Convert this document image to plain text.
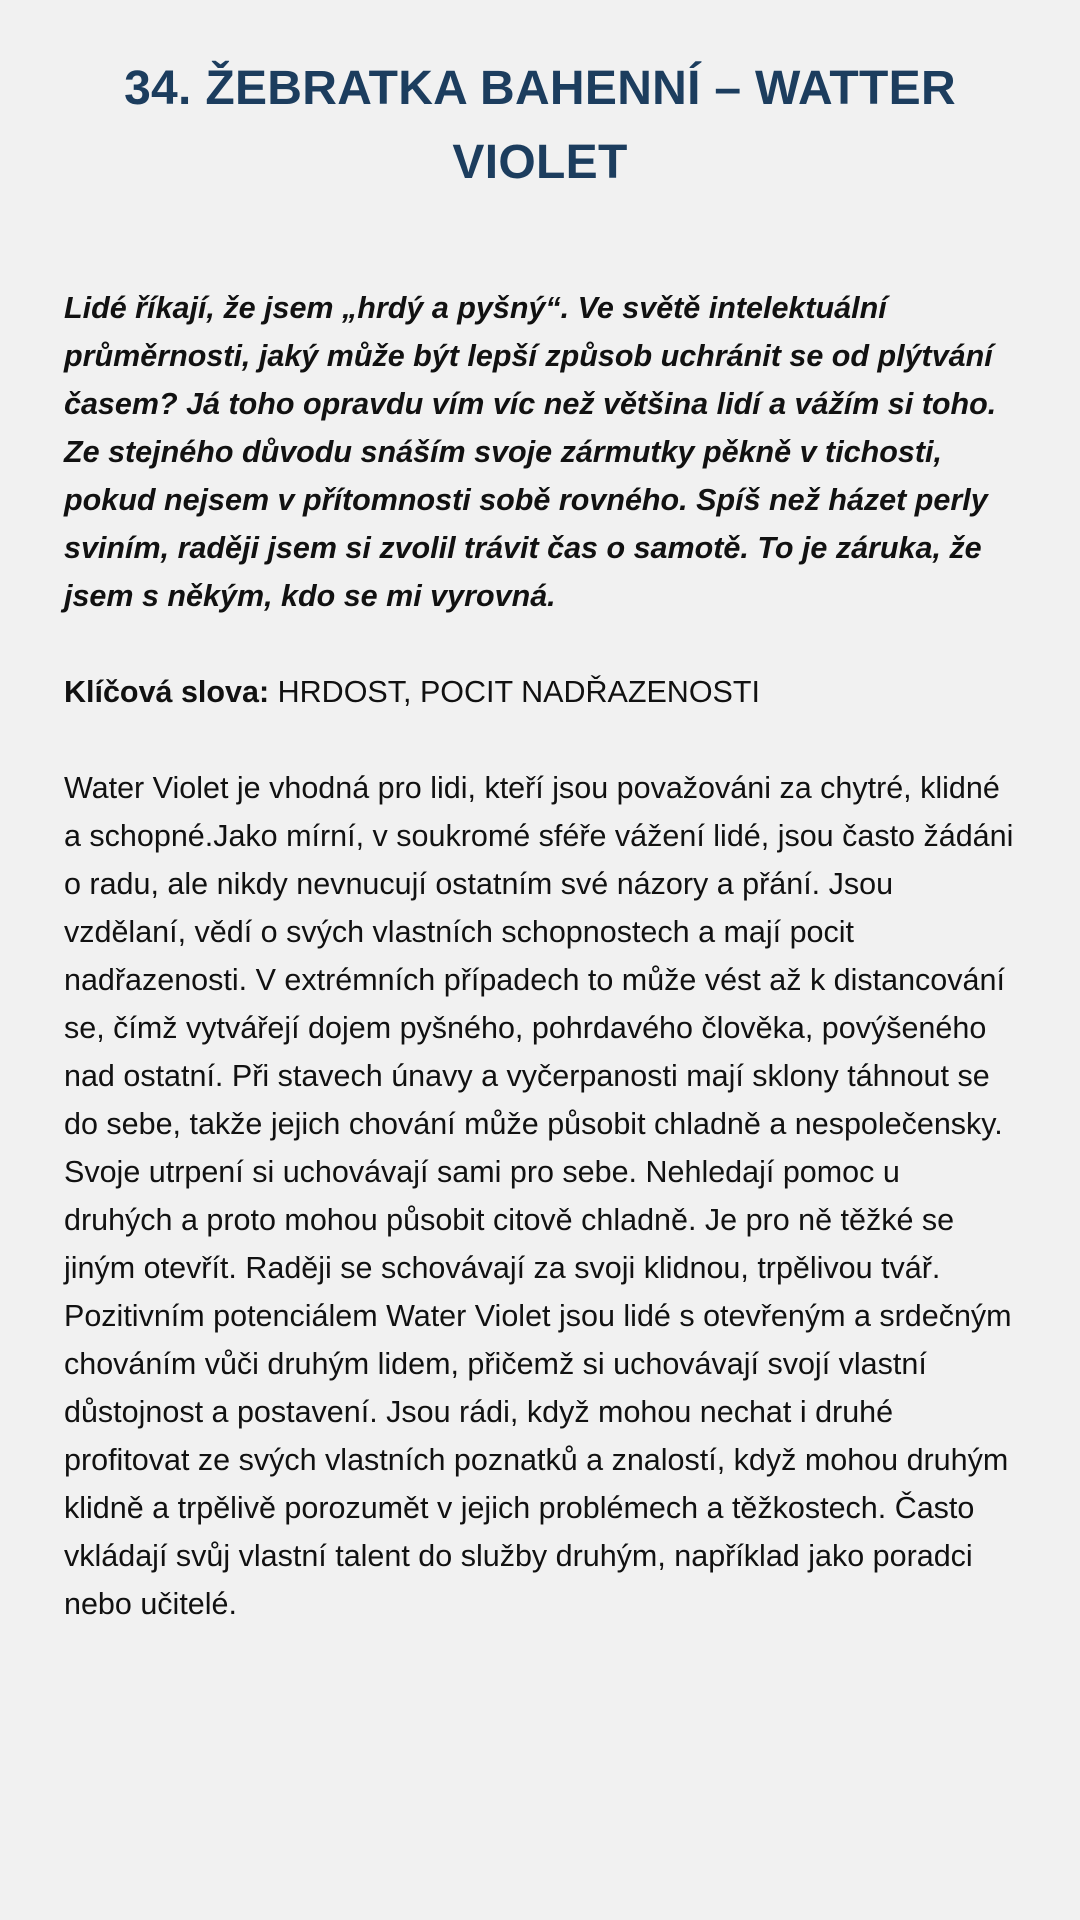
34. ŽEBRATKA BAHENNÍ – WATTER VIOLET

Lidé říkají, že jsem „hrdý a pyšný“. Ve světě intelektuální průměrnosti, jaký může být lepší způsob uchránit se od plýtvání časem? Já toho opravdu vím víc než většina lidí a vážím si toho. Ze stejného důvodu snáším svoje zármutky pěkně v tichosti, pokud nejsem v přítomnosti sobě rovného. Spíš než házet perly sviním, raději jsem si zvolil trávit čas o samotě. To je záruka, že jsem s někým, kdo se mi vyrovná.

Klíčová slova: HRDOST, POCIT NADŘAZENOSTI

Water Violet je vhodná pro lidi, kteří jsou považováni za chytré, klidné a schopné.Jako mírní, v soukromé sféře vážení lidé, jsou často žádáni o radu, ale nikdy nevnucují ostatním své názory a přání. Jsou vzdělaní, vědí o svých vlastních schopnostech a mají pocit nadřazenosti. V extrémních případech to může vést až k distancování se, čímž vytvářejí dojem pyšného, pohrdavého člověka, povýšeného nad ostatní. Při stavech únavy a vyčerpanosti mají sklony táhnout se do sebe, takže jejich chování může působit chladně a nespolečensky. Svoje utrpení si uchovávají sami pro sebe. Nehledají pomoc u druhých a proto mohou působit citově chladně. Je pro ně těžké se jiným otevřít. Raději se schovávají za svoji klidnou, trpělivou tvář. Pozitivním potenciálem Water Violet jsou lidé s otevřeným a srdečným chováním vůči druhým lidem, přičemž si uchovávají svojí vlastní důstojnost a postavení. Jsou rádi, když mohou nechat i druhé profitovat ze svých vlastních poznatků a znalostí, když mohou druhým klidně a trpělivě porozumět v jejich problémech a těžkostech. Často vkládají svůj vlastní talent do služby druhým, například jako poradci nebo učitelé.
